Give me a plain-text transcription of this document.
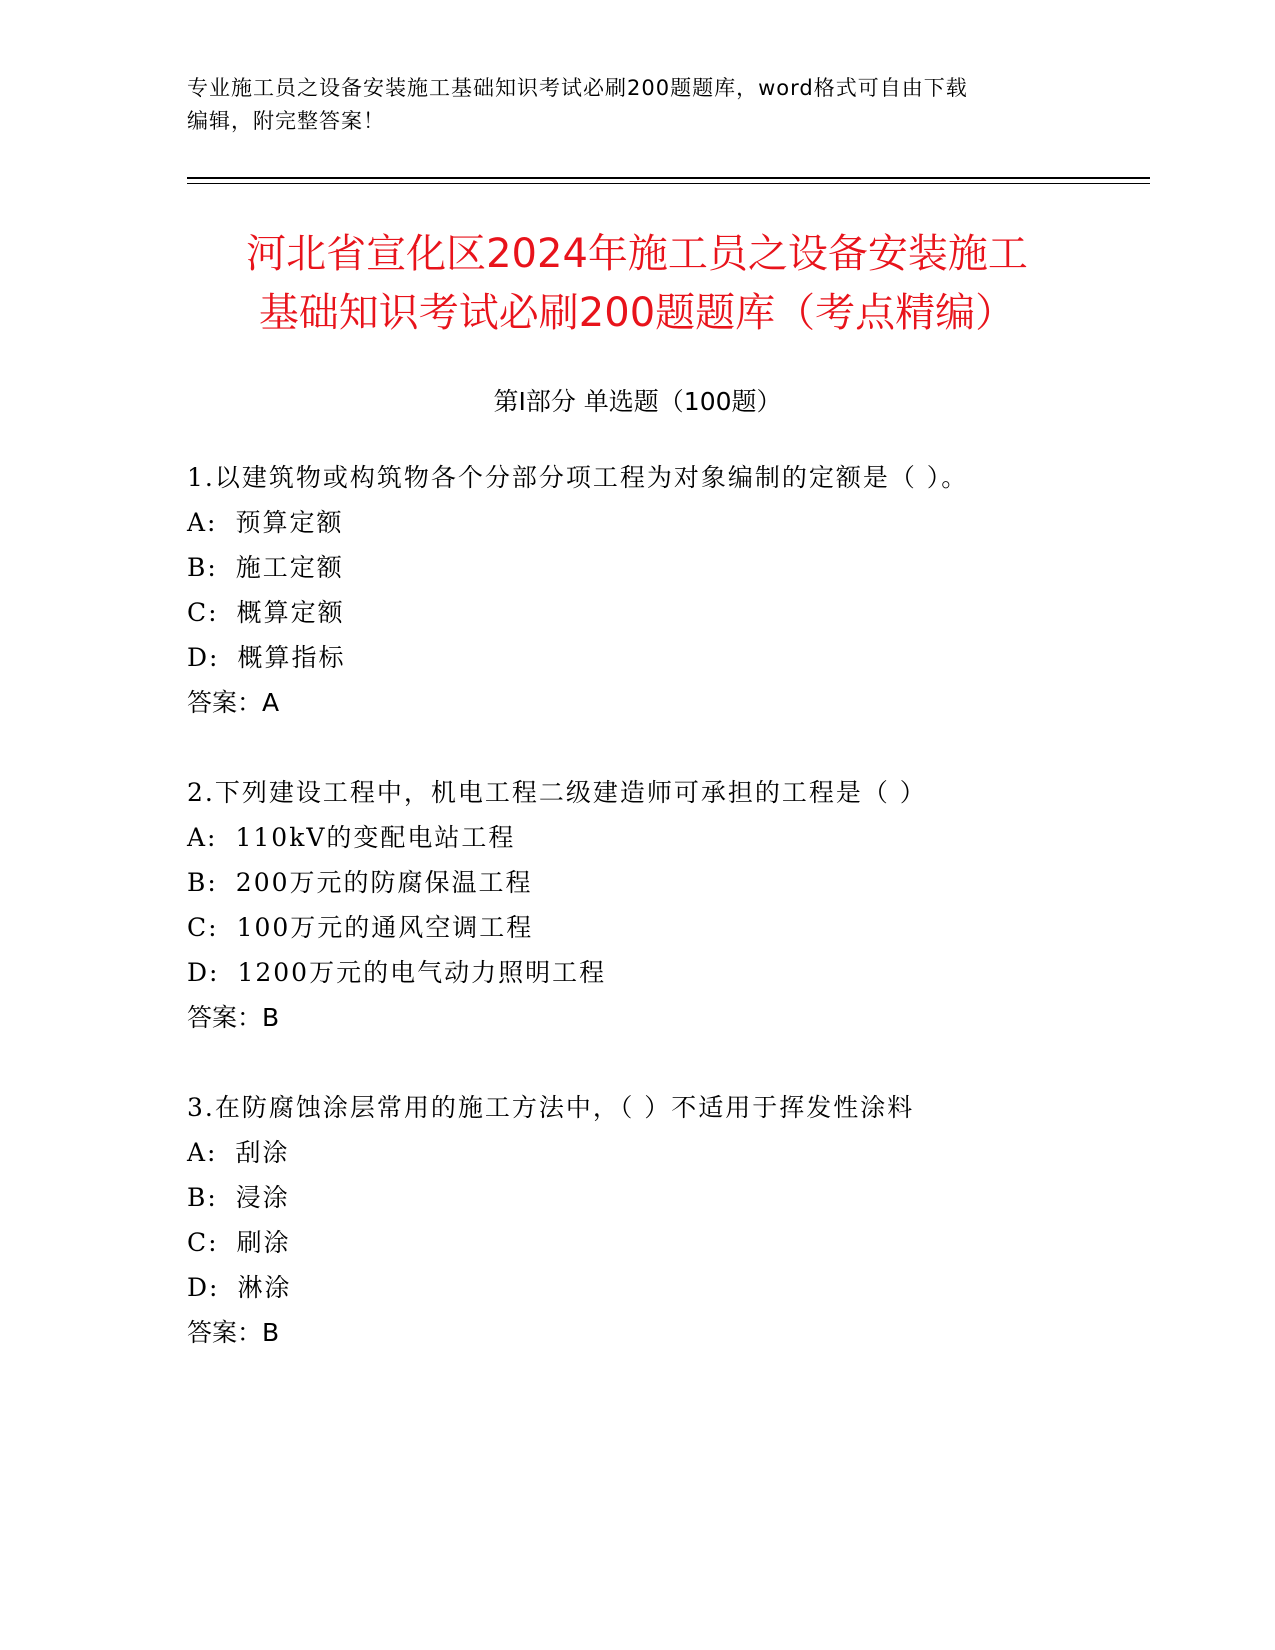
专业施工员之设备安装施工基础知识考试必刷200题题库，word格式可自由下载
编辑，附完整答案！
河北省宣化区2024年施工员之设备安装施工
基础知识考试必刷200题题库（考点精编）
第Ⅰ部分 单选题（100题）
1.以建筑物或构筑物各个分部分项工程为对象编制的定额是（ ）。
A: 预算定额
B: 施工定额
C: 概算定额
D: 概算指标
答案：A
2.下列建设工程中，机电工程二级建造师可承担的工程是（ ）
A: 110kV的变配电站工程
B: 200万元的防腐保温工程
C: 100万元的通风空调工程
D: 1200万元的电气动力照明工程
答案：B
3.在防腐蚀涂层常用的施工方法中，（ ）不适用于挥发性涂料
A: 刮涂
B: 浸涂
C: 刷涂
D: 淋涂
答案：B
